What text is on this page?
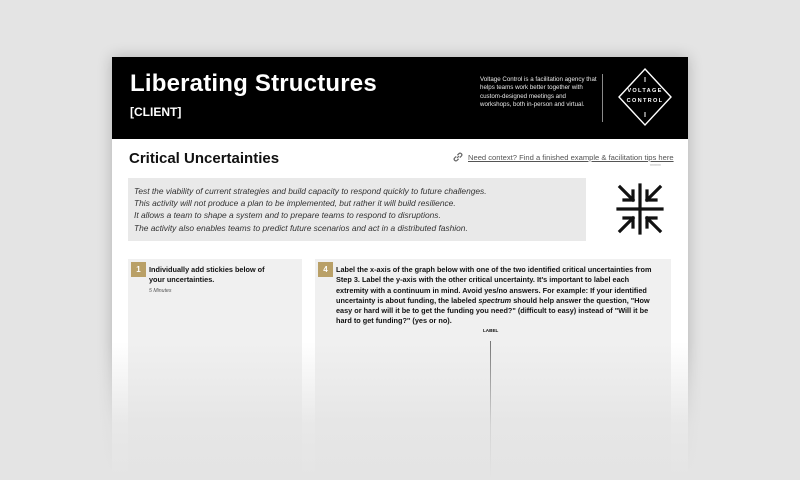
Liberating Structures
[CLIENT]
Voltage Control is a facilitation agency that helps teams work better together with custom-designed meetings and workshops, both in-person and virtual.
VOLTAGE
CONTROL
Critical Uncertainties	Need context? Find a finished example & facilitation tips here
━━━━━━
Test the viability of current strategies and build capacity to respond quickly to future challenges.
This activity will not produce a plan to be implemented, but rather it will build resilience.
It allows a team to shape a system and to prepare teams to respond to disruptions.
The activity also enables teams to predict future scenarios and act in a distributed fashion.
1	Individually add stickies below of your uncertainties.
5 Minutes
4	Label the x-axis of the graph below with one of the two identified critical uncertainties from Step 3. Label the y-axis with the other critical uncertainty. It's important to label each extremity with a continuum in mind. Avoid yes/no answers. For example: If your identified uncertainty is about funding, the labeled spectrum should help answer the question, "How easy or hard will it be to get the funding you need?" (difficult to easy) instead of "Will it be hard to get funding?" (yes or no).
LABEL
